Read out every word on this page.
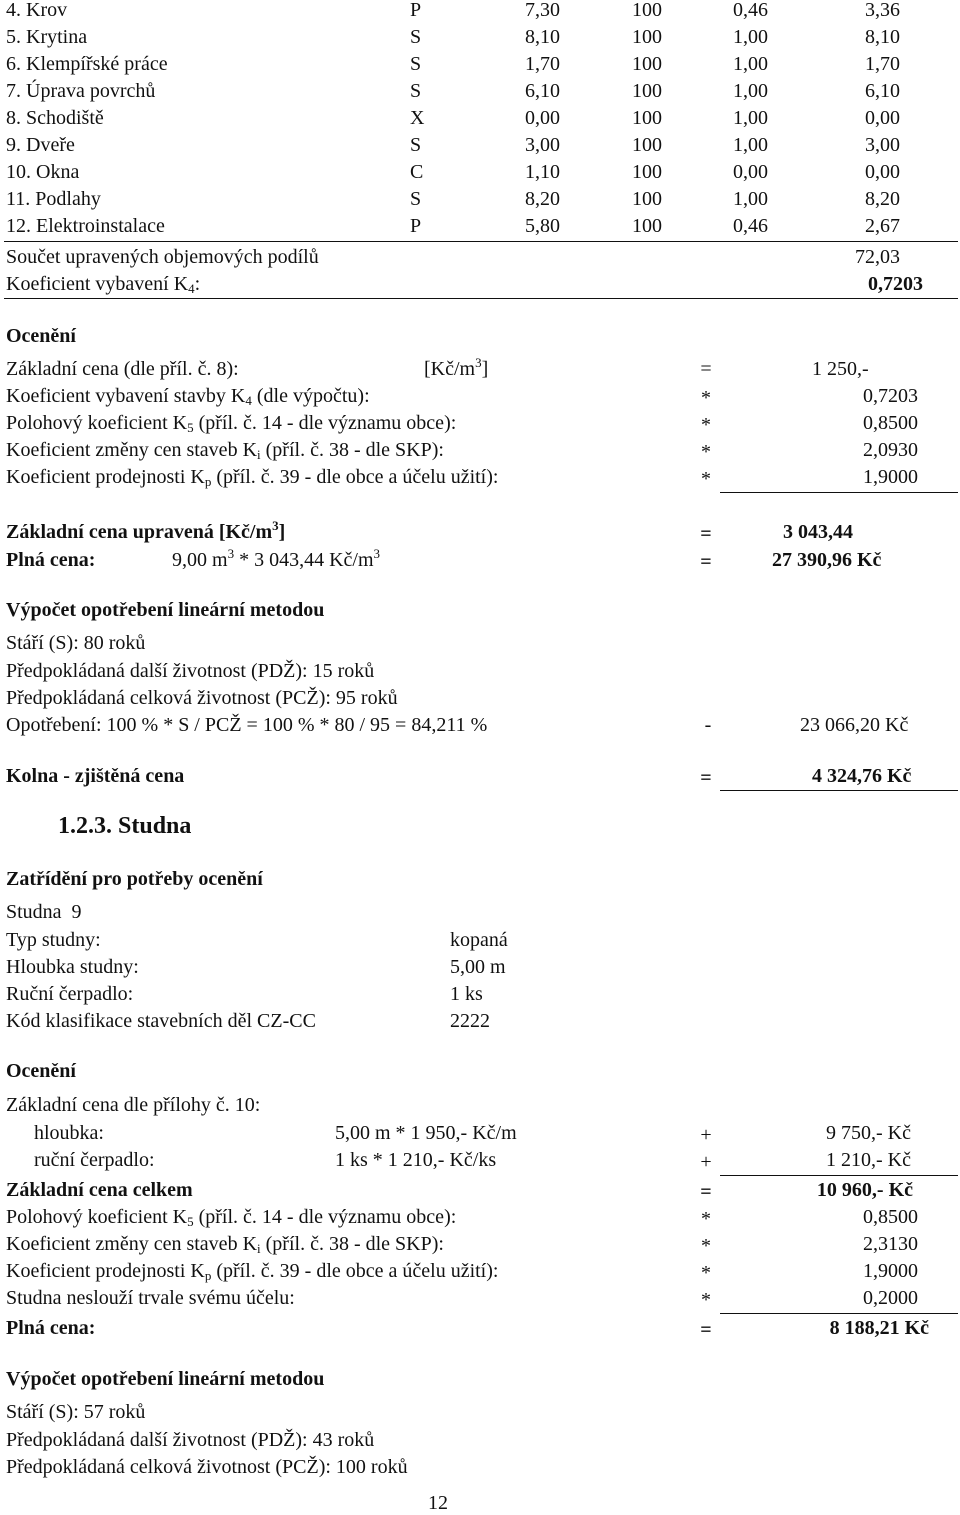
4. Krov	P	7,30	100	0,46	3,36
5. Krytina	S	8,10	100	1,00	8,10
6. Klempířské práce	S	1,70	100	1,00	1,70
7. Úprava povrchů	S	6,10	100	1,00	6,10
8. Schodiště	X	0,00	100	1,00	0,00
9. Dveře	S	3,00	100	1,00	3,00
10. Okna	C	1,10	100	0,00	0,00
11. Podlahy	S	8,20	100	1,00	8,20
12. Elektroinstalace	P	5,80	100	0,46	2,67
Součet upravených objemových podílů	72,03
Koeficient vybavení $K_4$:	0,7203
Ocenění
Základní cena (dle příl. č. 8):	$[Kč/m^3]$	=	1 250,-
Koeficient vybavení stavby $K_4$ (dle výpočtu):	*	0,7203
Polohový koeficient $K_5$ (příl. č. 14 - dle významu obce):	*	0,8500
Koeficient změny cen staveb $K_i$ (příl. č. 38 - dle SKP):	*	2,0930
Koeficient prodejnosti $K_p$ (příl. č. 39 - dle obce a účelu užití):	*	1,9000
Základní cena upravená $[Kč/m^3]$	=	3 043,44
Plná cena:	9,00 $m^3 * 3$ 043,44 $Kč/m^3$	=	27 390,96 Kč
Výpočet opotřebení lineární metodou
Stáří (S): 80 roků
Předpokládaná další životnost (PDŽ): 15 roků
Předpokládaná celková životnost (PCŽ): 95 roků
Opotřebení: 100 % * S / PCŽ = 100 % * 80 / 95 = 84,211 %	-	23 066,20 Kč
Kolna - zjištěná cena	=	4 324,76 Kč
1.2.3. Studna
Zatřídění pro potřeby ocenění
Studna  9
Typ studny:	kopaná
Hloubka studny:	5,00 m
Ruční čerpadlo:	1 ks
Kód klasifikace stavebních děl CZ-CC	2222
Ocenění
Základní cena dle přílohy č. 10:
hloubka:	5,00 m * 1 950,- Kč/m	+	9 750,- Kč
ruční čerpadlo:	1 ks * 1 210,- Kč/ks	+	1 210,- Kč
Základní cena celkem	=	10 960,- Kč
Polohový koeficient $K_5$ (příl. č. 14 - dle významu obce):	*	0,8500
Koeficient změny cen staveb $K_i$ (příl. č. 38 - dle SKP):	*	2,3130
Koeficient prodejnosti $K_p$ (příl. č. 39 - dle obce a účelu užití):	*	1,9000
Studna neslouží trvale svému účelu:	*	0,2000
Plná cena:	=	8 188,21 Kč
Výpočet opotřebení lineární metodou
Stáří (S): 57 roků
Předpokládaná další životnost (PDŽ): 43 roků
Předpokládaná celková životnost (PCŽ): 100 roků
12
